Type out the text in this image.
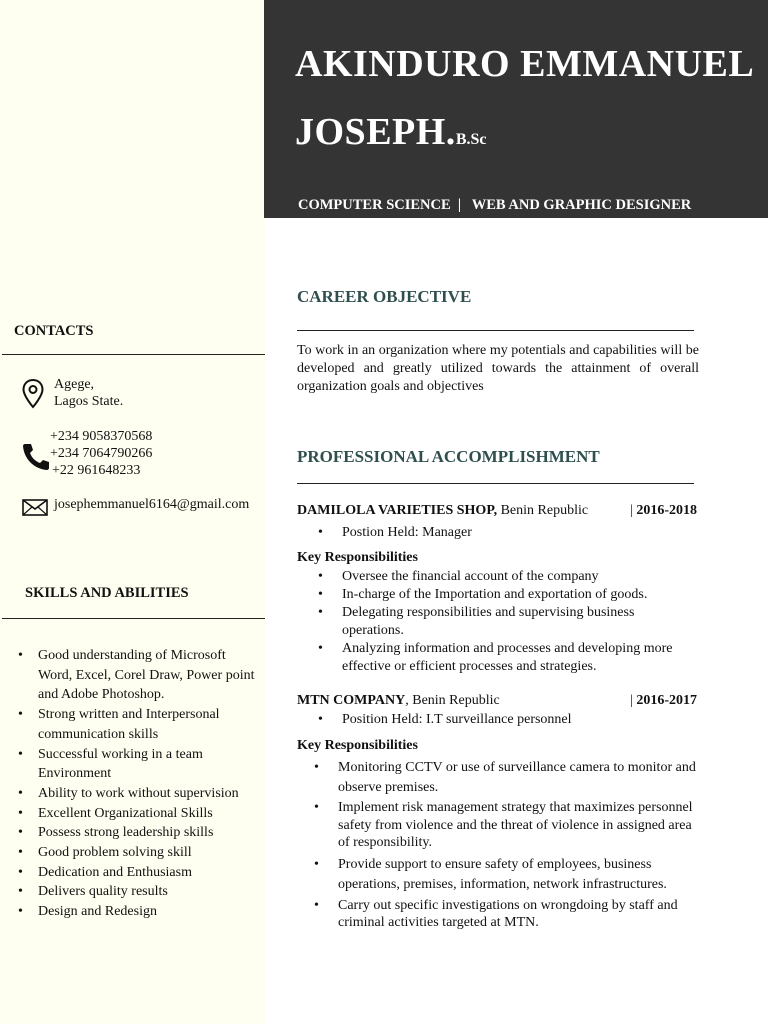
AKINDURO EMMANUEL
JOSEPH.B.Sc
COMPUTER SCIENCE  |   WEB AND GRAPHIC DESIGNER
CONTACTS
Agege,
Lagos State.
+234 9058370568
+234 7064790266
+22 961648233
josephemmanuel6164@gmail.com
SKILLS AND ABILITIES
• Good understanding of Microsoft Word, Excel, Corel Draw, Power point and Adobe Photoshop.
• Strong written and Interpersonal communication skills
• Successful working in a team Environment
• Ability to work without supervision
• Excellent Organizational Skills
• Possess strong leadership skills
• Good problem solving skill
• Dedication and Enthusiasm
• Delivers quality results
• Design and Redesign
CAREER OBJECTIVE

To work in an organization where my potentials and capabilities will be developed and greatly utilized towards the attainment of overall organization goals and objectives

PROFESSIONAL ACCOMPLISHMENT
DAMILOLA VARIETIES SHOP, Benin Republic	| 2016-2018
• Postion Held: Manager
Key Responsibilities
• Oversee the financial account of the company
• In-charge of the Importation and exportation of goods.
• Delegating responsibilities and supervising business operations.
• Analyzing information and processes and developing more effective or efficient processes and strategies.
MTN COMPANY, Benin Republic	| 2016-2017
• Position Held: I.T surveillance personnel
Key Responsibilities
• Monitoring CCTV or use of surveillance camera to monitor and observe premises.
• Implement risk management strategy that maximizes personnel safety from violence and the threat of violence in assigned area of responsibility.
• Provide support to ensure safety of employees, business operations, premises, information, network infrastructures.
• Carry out specific investigations on wrongdoing by staff and criminal activities targeted at MTN.
